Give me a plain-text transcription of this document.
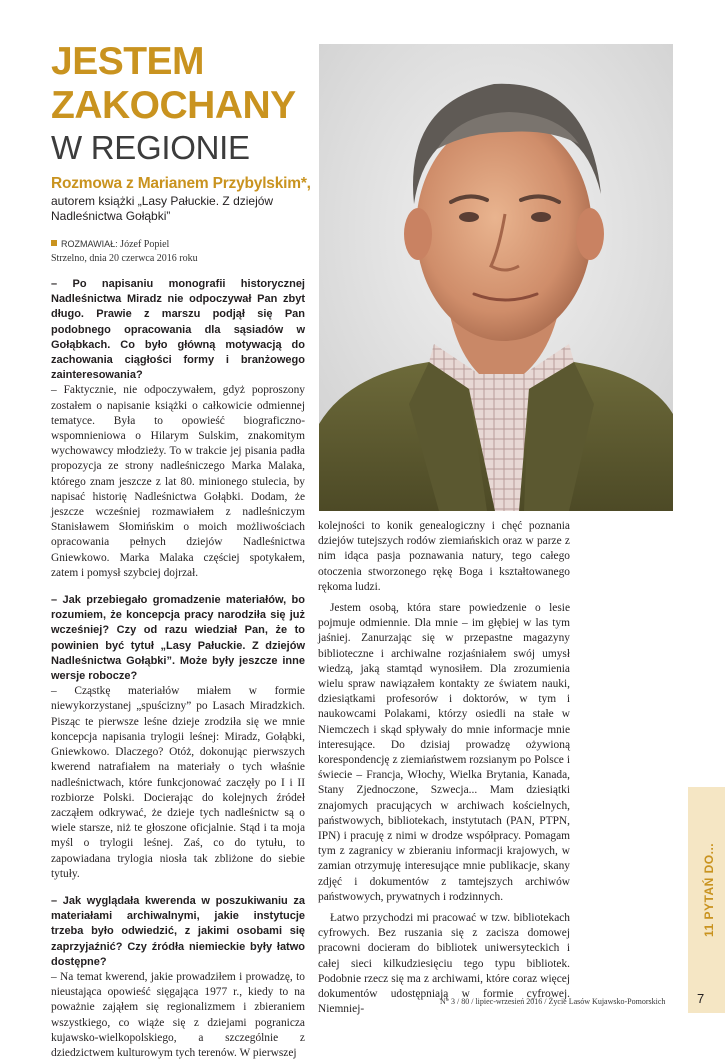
JESTEM
ZAKOCHANY
W REGIONIE
Rozmowa z Marianem Przybylskim*,
autorem książki „Lasy Pałuckie. Z dziejów Nadleśnictwa Gołąbki”
ROZMAWIAŁ: Józef Popiel
Strzelno, dnia 20 czerwca 2016 roku

– Po napisaniu monografii historycznej Nadleśnictwa Miradz nie odpoczywał Pan zbyt długo. Prawie z marszu podjął się Pan podobnego opracowania dla sąsiadów w Gołąbkach. Co było główną motywacją do zachowania ciągłości formy i branżowego zainteresowania?

– Faktycznie, nie odpoczywałem, gdyż poproszony zostałem o napisanie książki o całkowicie odmiennej tematyce. Była to opowieść biograficzno-wspomnieniowa o Hilarym Sulskim, znakomitym wychowawcy młodzieży. To w trakcie jej pisania padła propozycja ze strony nadleśniczego Marka Malaka, którego znam jeszcze z lat 80. minionego stulecia, by napisać historię Nadleśnictwa Gołąbki. Dodam, że jeszcze wcześniej rozmawiałem z nadleśniczym Stanisławem Słomińskim o moich możliwościach opracowania pełnych dziejów Nadleśnictwa Gniewkowo. Marka Malaka częściej spotykałem, zatem i pomysł szybciej dojrzał.

– Jak przebiegało gromadzenie materiałów, bo rozumiem, że koncepcja pracy narodziła się już wcześniej? Czy od razu wiedział Pan, że to powinien być tytuł „Lasy Pałuckie. Z dziejów Nadleśnictwa Gołąbki”. Może były jeszcze inne wersje robocze?

– Cząstkę materiałów miałem w formie niewykorzystanej „spuścizny” po Lasach Miradzkich. Pisząc te pierwsze leśne dzieje zrodziła się we mnie koncepcja napisania trylogii leśnej: Miradz, Gołąbki, Gniewkowo. Dlaczego? Otóż, dokonując pierwszych kwerend natrafiałem na materiały o tych właśnie nadleśnictwach, które funkcjonować zaczęły po I i II rozbiorze Polski. Docierając do kolejnych źródeł zacząłem odkrywać, że dzieje tych nadleśnictw są o wiele starsze, niż te głoszone oficjalnie. Stąd i ta moja myśl o trylogii leśnej. Zaś, co do tytułu, to zapowiadana trylogia niosła tak zbliżone do siebie tytuły.

– Jak wyglądała kwerenda w poszukiwaniu za materiałami archiwalnymi, jakie instytucje trzeba było odwiedzić, z jakimi osobami się zaprzyjaźnić? Czy źródła niemieckie były łatwo dostępne?

– Na temat kwerend, jakie prowadziłem i prowadzę, to nieustająca opowieść sięgająca 1977 r., kiedy to na poważnie zająłem się regionalizmem i zbieraniem wszystkiego, co wiąże się z dziejami pogranicza kujawsko-wielkopolskiego, a szczególnie z dziedzictwem kulturowym tych terenów. W pierwszej

kolejności to konik genealogiczny i chęć poznania dziejów tutejszych rodów ziemiańskich oraz w parze z nim idąca pasja poznawania natury, tego całego otoczenia stworzonego rękę Boga i kształtowanego rękoma ludzi.

Jestem osobą, która stare powiedzenie o lesie pojmuje odmiennie. Dla mnie – im głębiej w las tym jaśniej. Zanurzając się w przepastne magazyny biblioteczne i archiwalne rozjaśniałem swój umysł wiedzą, jaką stamtąd wynosiłem. Dla zrozumienia wielu spraw nawiązałem kontakty ze światem nauki, dziesiątkami profesorów i doktorów, w tym i naukowcami Polakami, którzy osiedli na stałe w Niemczech i skąd spływały do mnie informacje mnie interesujące. Do dzisiaj prowadzę ożywioną korespondencję z ziemiaństwem rozsianym po Polsce i świecie – Francja, Włochy, Wielka Brytania, Kanada, Stany Zjednoczone, Szwecja... Mam dziesiątki znajomych pracujących w archiwach kościelnych, państwowych, bibliotekach, instytutach (PAN, PTPN, IPN) i pracuję z nimi w drodze współpracy. Pomagam tym z zagranicy w zbieraniu informacji krajowych, w zamian otrzymuję interesujące mnie publikacje, skany zdjęć i dokumentów z tamtejszych archiwów państwowych, prywatnych i rodzinnych.

Łatwo przychodzi mi pracować w tzw. bibliotekach cyfrowych. Bez ruszania się z zacisza domowej pracowni docieram do bibliotek uniwersyteckich i całej sieci kilkudziesięciu tego typu bibliotek. Podobnie rzecz się ma z archiwami, które coraz więcej dokumentów udostępniają w formie cyfrowej. Niemniej-

11 PYTAŃ DO...
N° 3 / 80 / lipiec-wrzesień 2016 / Życie Lasów Kujawsko-Pomorskich 7
